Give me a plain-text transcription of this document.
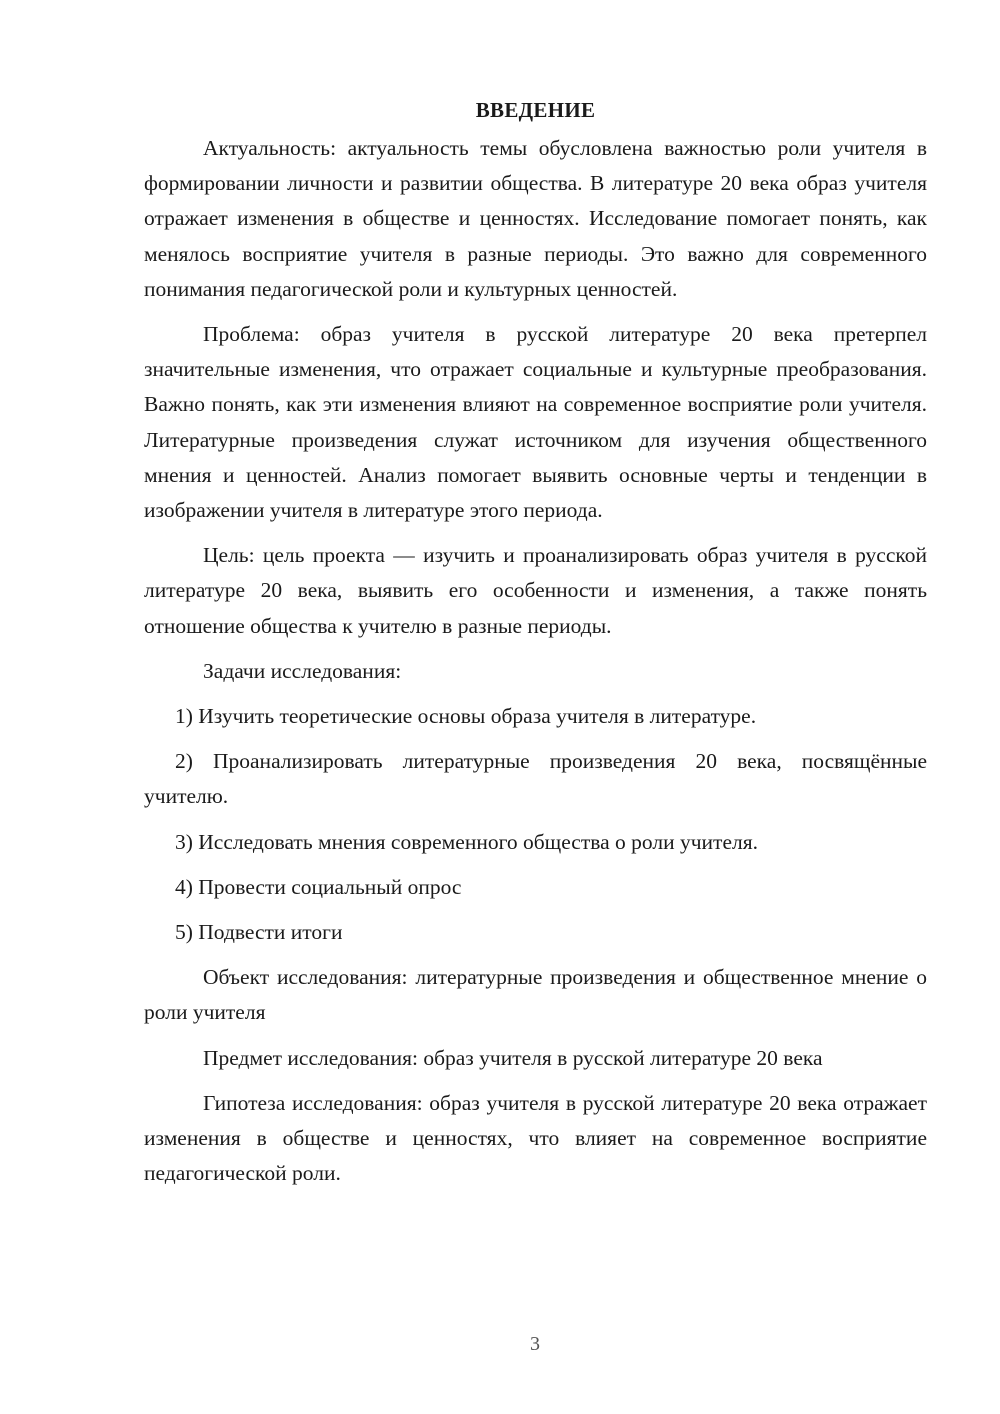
ВВЕДЕНИЕ

Актуальность: актуальность темы обусловлена важностью роли учителя в формировании личности и развитии общества. В литературе 20 века образ учителя отражает изменения в обществе и ценностях. Исследование помогает понять, как менялось восприятие учителя в разные периоды. Это важно для современного понимания педагогической роли и культурных ценностей.

Проблема: образ учителя в русской литературе 20 века претерпел значительные изменения, что отражает социальные и культурные преобразования. Важно понять, как эти изменения влияют на современное восприятие роли учителя. Литературные произведения служат источником для изучения общественного мнения и ценностей. Анализ помогает выявить основные черты и тенденции в изображении учителя в литературе этого периода.

Цель: цель проекта — изучить и проанализировать образ учителя в русской литературе 20 века, выявить его особенности и изменения, а также понять отношение общества к учителю в разные периоды.

Задачи исследования:

1) Изучить теоретические основы образа учителя в литературе.

2) Проанализировать литературные произведения 20 века, посвящённые учителю.

3) Исследовать мнения современного общества о роли учителя.

4) Провести социальный опрос

5) Подвести итоги

Объект исследования: литературные произведения и общественное мнение о роли учителя

Предмет исследования: образ учителя в русской литературе 20 века

Гипотеза исследования: образ учителя в русской литературе 20 века отражает изменения в обществе и ценностях, что влияет на современное восприятие педагогической роли.

3
